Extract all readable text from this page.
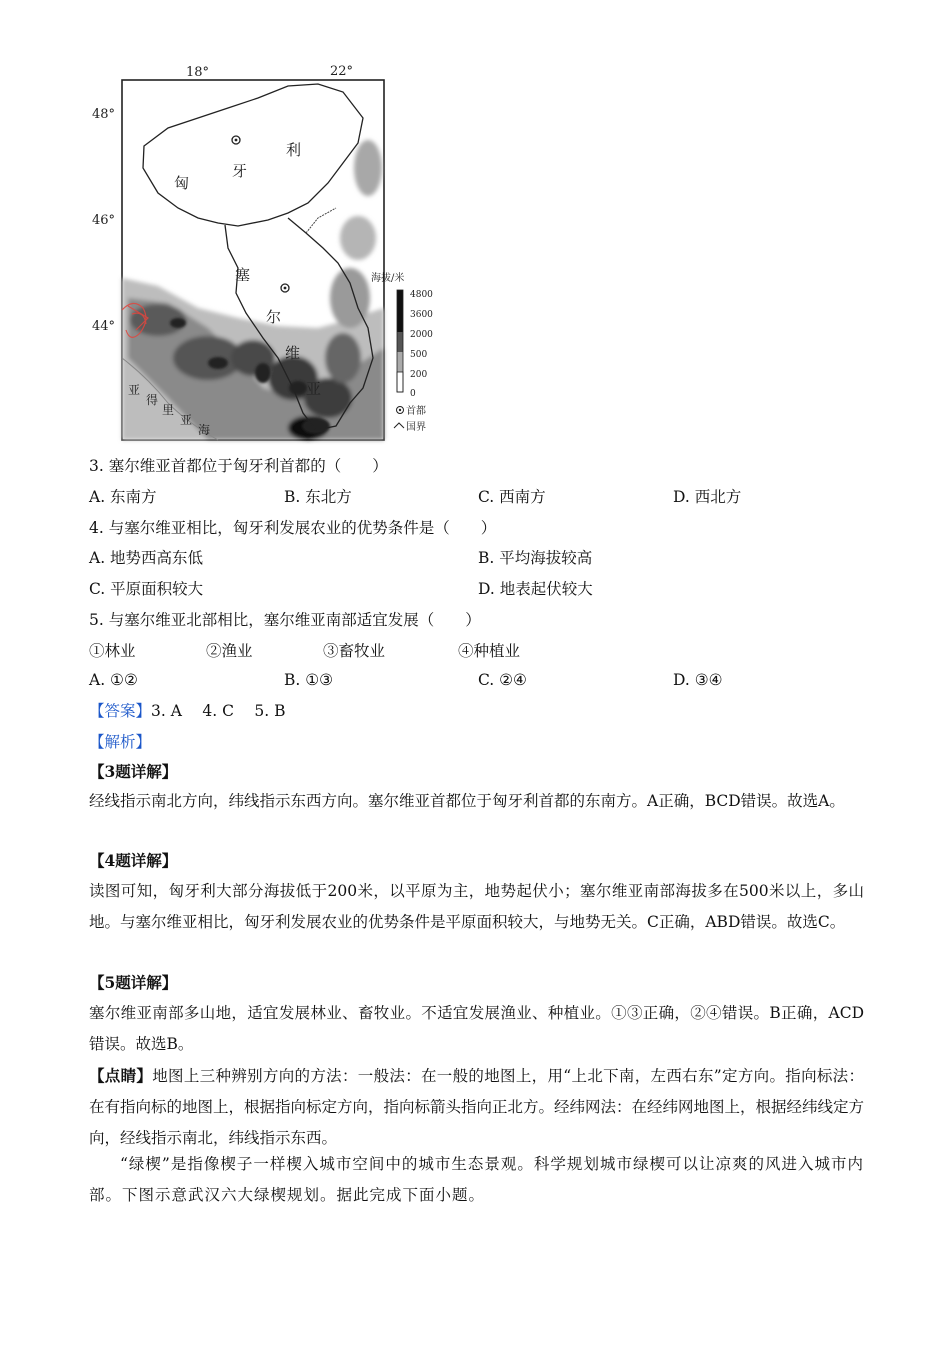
18°	22°
48°
46°
44°
匈
牙
利
塞
尔
维
亚
亚
得
里
亚
海
海拔/米
4800
3600
2000
500
200
0
首都
国界
3. 塞尔维亚首都位于匈牙利首都的（　　）
A. 东南方	B. 东北方	C. 西南方	D. 西北方
4. 与塞尔维亚相比，匈牙利发展农业的优势条件是（　　）
A. 地势西高东低	B. 平均海拔较高
C. 平原面积较大	D. 地表起伏较大
5. 与塞尔维亚北部相比，塞尔维亚南部适宜发展（　　）
①林业	②渔业	③畜牧业	④种植业
A. ①②	B. ①③	C. ②④	D. ③④
【答案】3. A　 4. C　 5. B
【解析】
【3题详解】
经线指示南北方向，纬线指示东西方向。塞尔维亚首都位于匈牙利首都的东南方。A正确，BCD错误。故选A。
【4题详解】
读图可知，匈牙利大部分海拔低于200米，以平原为主，地势起伏小；塞尔维亚南部海拔多在500米以上，多山地。与塞尔维亚相比，匈牙利发展农业的优势条件是平原面积较大，与地势无关。C正确，ABD错误。故选C。
【5题详解】
塞尔维亚南部多山地，适宜发展林业、畜牧业。不适宜发展渔业、种植业。①③正确，②④错误。B正确，ACD错误。故选B。
【点睛】地图上三种辨别方向的方法：一般法：在一般的地图上，用“上北下南，左西右东”定方向。指向标法：在有指向标的地图上，根据指向标定方向，指向标箭头指向正北方。经纬网法：在经纬网地图上，根据经纬线定方向，经线指示南北，纬线指示东西。
“绿楔”是指像楔子一样楔入城市空间中的城市生态景观。科学规划城市绿楔可以让凉爽的风进入城市内部。下图示意武汉六大绿楔规划。据此完成下面小题。
